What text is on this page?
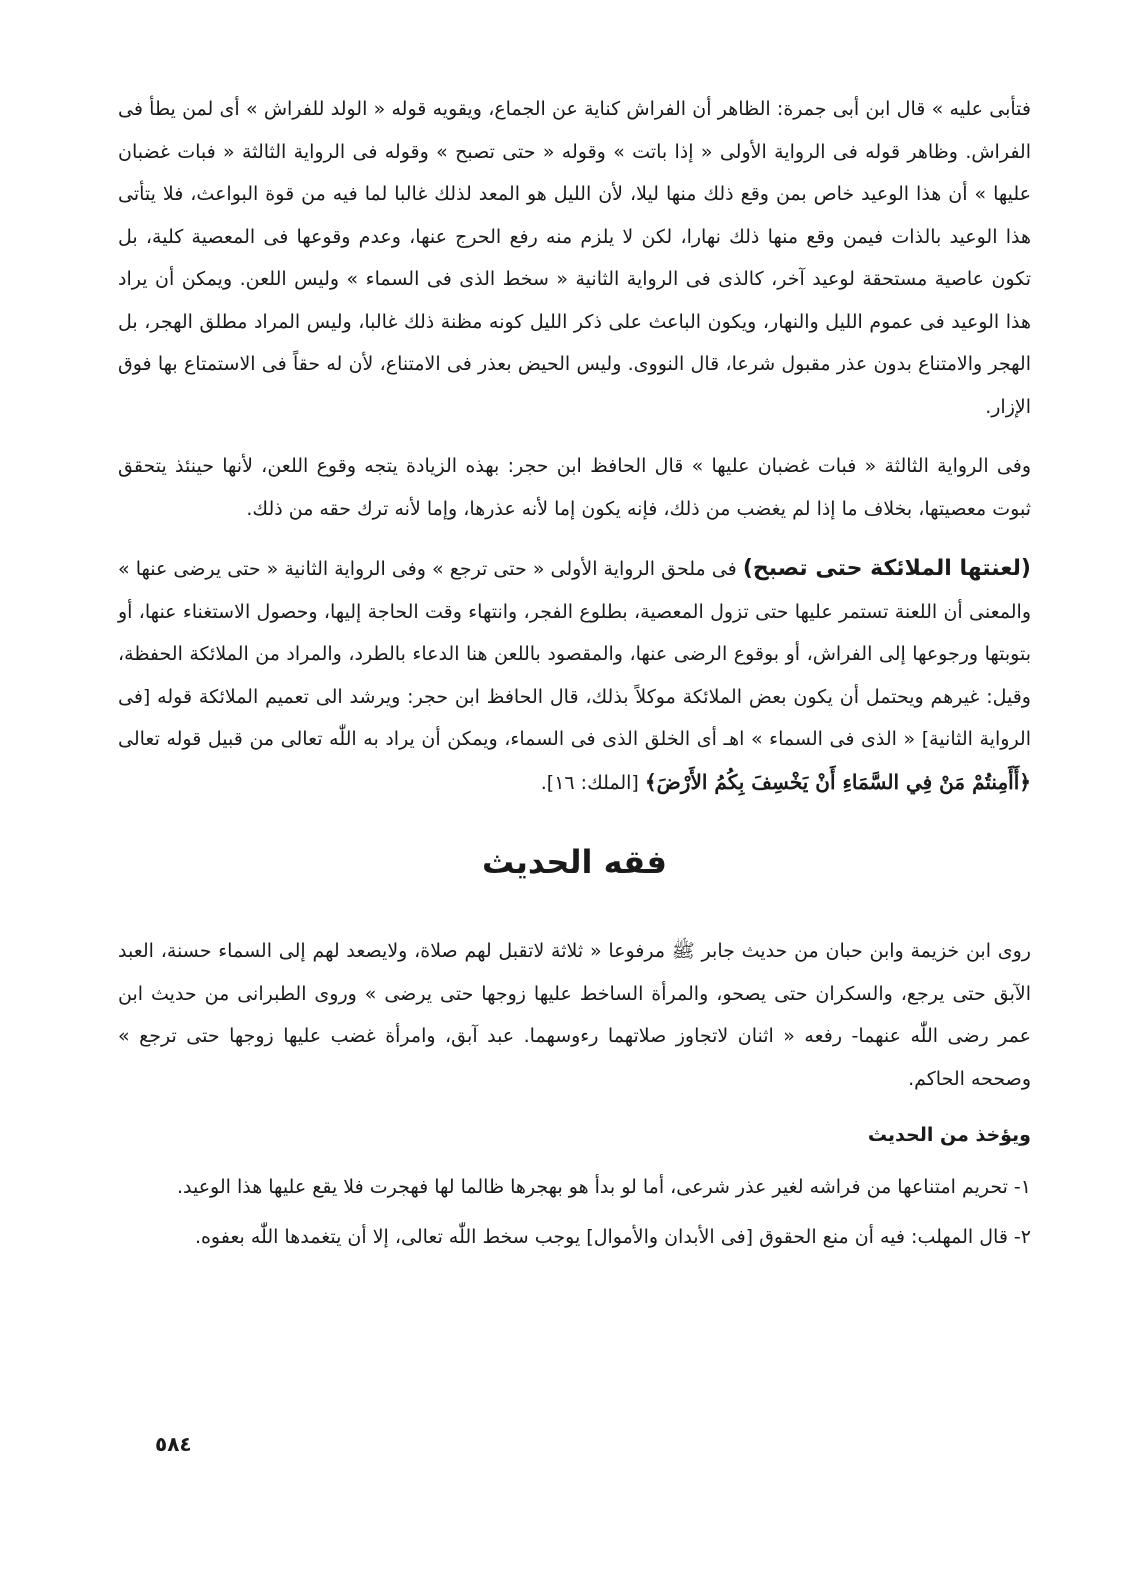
فتأبى عليه » قال ابن أبى جمرة: الظاهر أن الفراش كناية عن الجماع، ويقويه قوله « الولد للفراش » أى لمن يطأ فى الفراش. وظاهر قوله فى الرواية الأولى « إذا باتت » وقوله « حتى تصبح » وقوله فى الرواية الثالثة « فبات غضبان عليها » أن هذا الوعيد خاص بمن وقع ذلك منها ليلا، لأن الليل هو المعد لذلك غالبا لما فيه من قوة البواعث، فلا يتأتى هذا الوعيد بالذات فيمن وقع منها ذلك نهارا، لكن لا يلزم منه رفع الحرج عنها، وعدم وقوعها فى المعصية كلية، بل تكون عاصية مستحقة لوعيد آخر، كالذى فى الرواية الثانية « سخط الذى فى السماء » وليس اللعن. ويمكن أن يراد هذا الوعيد فى عموم الليل والنهار، ويكون الباعث على ذكر الليل كونه مظنة ذلك غالبا، وليس المراد مطلق الهجر، بل الهجر والامتناع بدون عذر مقبول شرعا، قال النووى. وليس الحيض بعذر فى الامتناع، لأن له حقاً فى الاستمتاع بها فوق الإزار.

وفى الرواية الثالثة « فبات غضبان عليها » قال الحافظ ابن حجر: بهذه الزيادة يتجه وقوع اللعن، لأنها حينئذ يتحقق ثبوت معصيتها، بخلاف ما إذا لم يغضب من ذلك، فإنه يكون إما لأنه عذرها، وإما لأنه ترك حقه من ذلك.

(لعنتها الملائكة حتى تصبح) فى ملحق الرواية الأولى « حتى ترجع » وفى الرواية الثانية « حتى يرضى عنها » والمعنى أن اللعنة تستمر عليها حتى تزول المعصية، بطلوع الفجر، وانتهاء وقت الحاجة إليها، وحصول الاستغناء عنها، أو بتوبتها ورجوعها إلى الفراش، أو بوقوع الرضى عنها، والمقصود باللعن هنا الدعاء بالطرد، والمراد من الملائكة الحفظة، وقيل: غيرهم ويحتمل أن يكون بعض الملائكة موكلاً بذلك، قال الحافظ ابن حجر: ويرشد الى تعميم الملائكة قوله [فى الرواية الثانية] « الذى فى السماء » اهـ أى الخلق الذى فى السماء، ويمكن أن يراد به اللّٰه تعالى من قبيل قوله تعالى ﴿أَأَمِنتُمْ مَنْ فِي السَّمَاءِ أَنْ يَخْسِفَ بِكُمُ الأَرْضَ﴾ [الملك: ١٦].

فقه الحديث

روى ابن خزيمة وابن حبان من حديث جابر ﷺ مرفوعا « ثلاثة لاتقبل لهم صلاة، ولايصعد لهم إلى السماء حسنة، العبد الآبق حتى يرجع، والسكران حتى يصحو، والمرأة الساخط عليها زوجها حتى يرضى » وروى الطبرانى من حديث ابن عمر رضى اللّٰه عنهما- رفعه « اثنان لاتجاوز صلاتهما رءوسهما. عبد آبق، وامرأة غضب عليها زوجها حتى ترجع » وصححه الحاكم.

ويؤخذ من الحديث
١-
تحريم امتناعها من فراشه لغير عذر شرعى، أما لو بدأ هو بهجرها ظالما لها فهجرت فلا يقع عليها هذا الوعيد.
٢-
قال المهلب: فيه أن منع الحقوق [فى الأبدان والأموال] يوجب سخط اللّٰه تعالى، إلا أن يتغمدها اللّٰه بعفوه.
٥٨٤
